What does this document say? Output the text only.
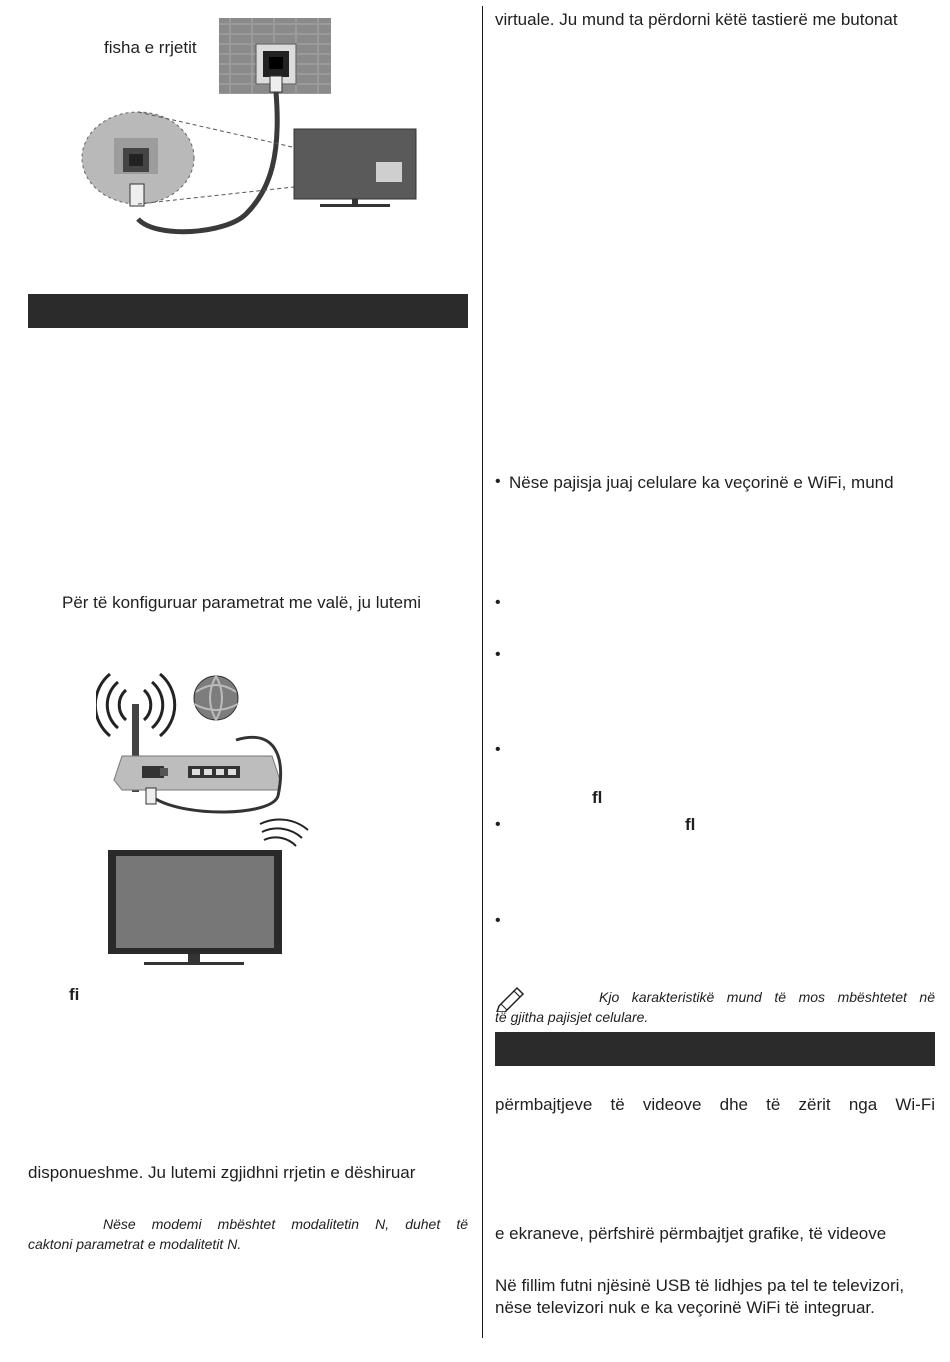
fisha e rrjetit
Për të konfiguruar parametrat me valë, ju lutemi
fi
disponueshme. Ju lutemi zgjidhni rrjetin e dëshiruar
Nëse modemi mbështet modalitetin N, duhet të
caktoni parametrat e modalitetit N.
virtuale. Ju mund ta përdorni këtë tastierë me butonat
• Nëse pajisja juaj celulare ka veçorinë e WiFi, mund
•
•
•
fl
•	fl
•
Kjo karakteristikë mund të mos mbështetet në
të gjitha pajisjet celulare.
përmbajtjeve të videove dhe të zërit nga Wi-Fi
e ekraneve, përfshirë përmbajtjet grafike, të videove
Në fillim futni njësinë USB të lidhjes pa tel te televizori,
nëse televizori nuk e ka veçorinë WiFi të integruar.
